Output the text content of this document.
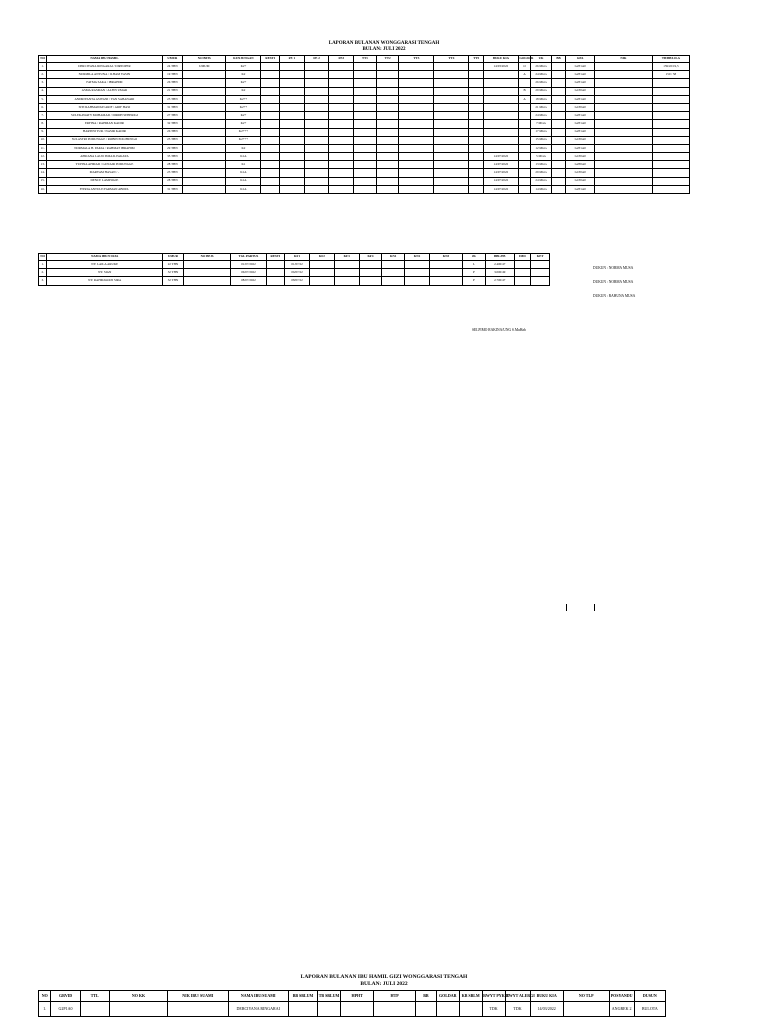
LAPORAN BULANAN WONGGARASI TENGAH
BULAN: JULI 2022
NO	NAMA IBU HAMIL	UMUR	NO BPJS	KUNJUNGAN	RESTI	FE 1	FE 2	FE3	TT1	TT2	TT3	TT4	TT5	BUKU KIA	GOLDAR	UK	BB	GPA	NIK	TB/BB/LILA
1.	DERCIYANA RINGARAI / DIRTOPER	24 THN	UMUM	K2+										14/03/2022	O	26 MGG		G2P1A0		159/45/19,5
2.	NURMILA ANTUNA / ILHAM YASIN	19 THN		K2											A	24 MGG		G2P1A0		150 / 58
3.	FATMA SAKA / IBRAHIM	26 THN		K2+												26 MGG		G2P1A0		
4.	ASMA RASMAN / ALFIN UMAR	21 THN		K2											B	29 MGG		G1P0A0		
5.	ANDRIYANTA ASIYANI / YAN SABANARI	25 THN		K2++											A	18 MGG		G2P1A0		
6.	SITI RAHMAWATI ARIF / ARIF HASI	31 THN		K2++												21 MGG		G1P0A0		
7.	SULEKAWATY MOHAMAD / DIRDH SEHERIGI	27 THN		K2+												24 MGG		G2P1A0		
8.	ERFINA / RAHMAN KADIR	32 THN		K2+												7 MGG		G2P1A0		
9.	HARTINI TUR / NASIR KADIR	26 THN		K2+++												17 MGG		G2P1A0		
10.	SULASTRI PODUNGGE / ROBIN POLIHUNGO	25 THN		K2+++												15 MGG		G1P0A0		
11.	NORMALA H. PAKIA / RAHMAT IBRAHIM	29 THN		K2												12 MGG		G2P1A0		
12.	APRIANA LAUD ISMAIL PAKAYA	35 THN		K1A										14/07/2022		5 MGG		G1P0A0		
13.	YUPINA AHMAD / GUNAIR PODUNGGE	28 THN		K1										14/07/2022		13 MGG		G2P0A0		
14.	MARYAM HASAN / -	23 THN		K1A										14/07/2022		29 MGG		G1P0A0		
15.	DENCE LAMPOGIE	28 THN		K1A										14/07/2022		24 MGG		G1P0A0		
16.	FITRIA ANTULE/FARMAN ABDUL	31 THN		K1A										14/07/2022		14 MGG		G2P1A0		
NO	NAMA IBU/N IFAS	UMUR	NO BPJS	TGL PARTUS	RESTI	KF1	KF2	KF3	KF4	KN1	KN2	KN3	JK	BBL/PB	IMD	KET
1.	NY. LAILA ARUKE	22 THN		01/07/2022		01/07/22							L	2.400/47		
2.	NY. SIAN	32 THN		06/07/2022		06/07/22							P	3.000/49		
3.	NY. RAHMAWATI SIRA	32 THN		08/07/2022		08/07/22							P	2.700/47		
DUKUN : NORMA MUSA
DUKUN : NORMA MUSA
DUKUN : RAHUNA MUSA
SELPIMO RAKINA/UNG S.MuHab
LAPORAN BULANAN IBU HAMIL GIZI WONGGARASI TENGAH
BULAN: JULI 2022
NO	GRVID	TTL	NO KK	NIK IBU/ SUAMI	NAMA IBU/SUAMI	BB SBLUM	TB SBLUM	HPHT	HTP	BB	GOLDAR	KB SBLM	RWYT PYKIT	RWYT ALERGI	BUKU KIA	NO TLP	POSYANDU	DUSUN
1.	G2P1A0				DERCIYANA RINGARAI								TDK	TDK	14/03/2022		ANGREK 2	BULOTA
